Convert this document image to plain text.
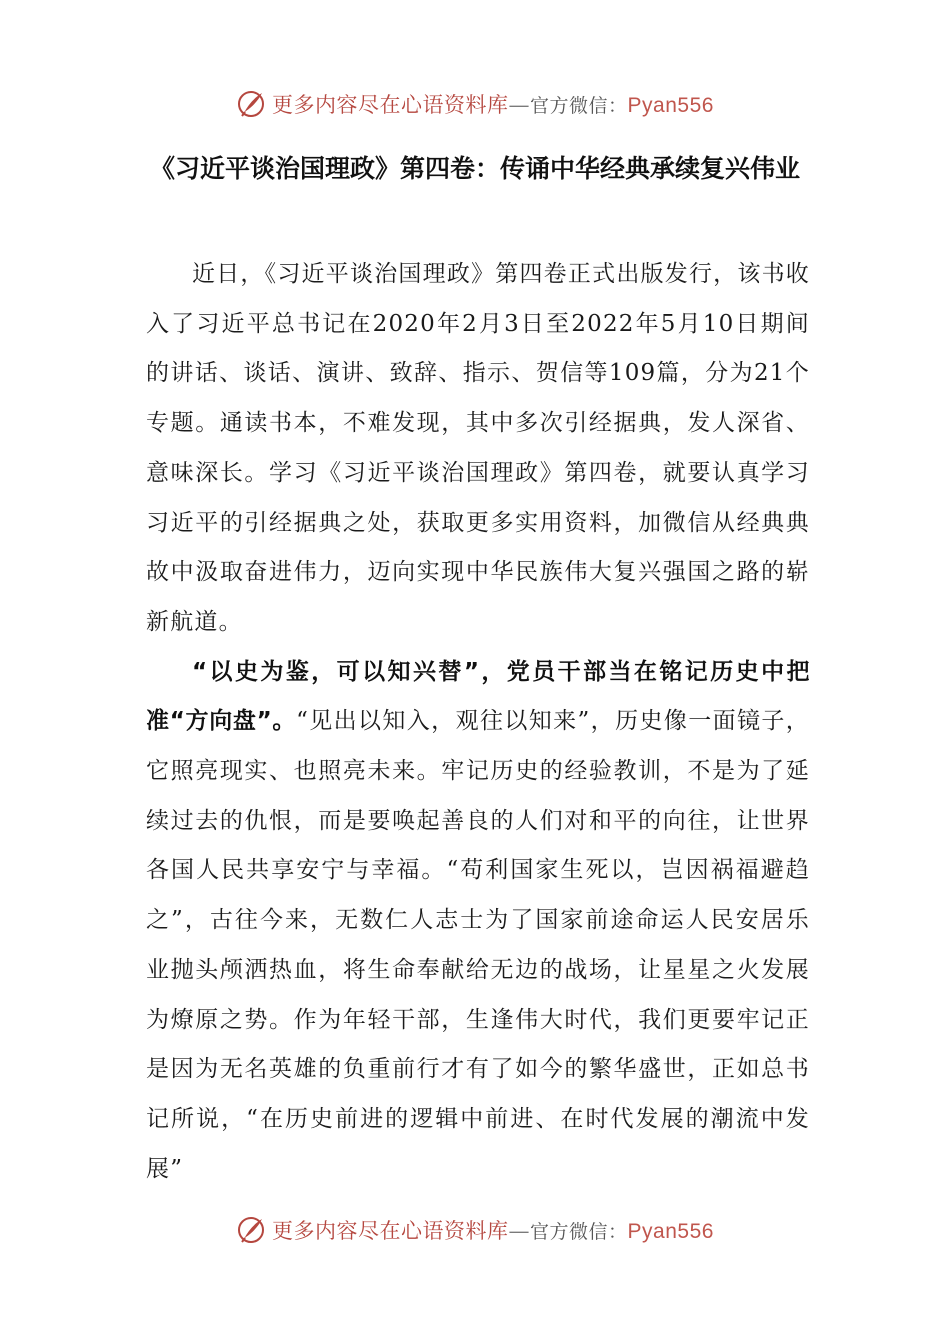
更多内容尽在心语资料库—官方微信：Pyan556
《习近平谈治国理政》第四卷：传诵中华经典承续复兴伟业

近日，《习近平谈治国理政》第四卷正式出版发行，该书收入了习近平总书记在2020年2月3日至2022年5月10日期间的讲话、谈话、演讲、致辞、指示、贺信等109篇，分为21个专题。通读书本，不难发现，其中多次引经据典，发人深省、意味深长。学习《习近平谈治国理政》第四卷，就要认真学习习近平的引经据典之处，获取更多实用资料，加微信从经典典故中汲取奋进伟力，迈向实现中华民族伟大复兴强国之路的崭新航道。

“以史为鉴，可以知兴替”，党员干部当在铭记历史中把准“方向盘”。“见出以知入，观往以知来”，历史像一面镜子，它照亮现实、也照亮未来。牢记历史的经验教训，不是为了延续过去的仇恨，而是要唤起善良的人们对和平的向往，让世界各国人民共享安宁与幸福。“苟利国家生死以，岂因祸福避趋之”，古往今来，无数仁人志士为了国家前途命运人民安居乐业抛头颅洒热血，将生命奉献给无边的战场，让星星之火发展为燎原之势。作为年轻干部，生逢伟大时代，我们更要牢记正是因为无名英雄的负重前行才有了如今的繁华盛世，正如总书记所说，“在历史前进的逻辑中前进、在时代发展的潮流中发展”

更多内容尽在心语资料库—官方微信：Pyan556
